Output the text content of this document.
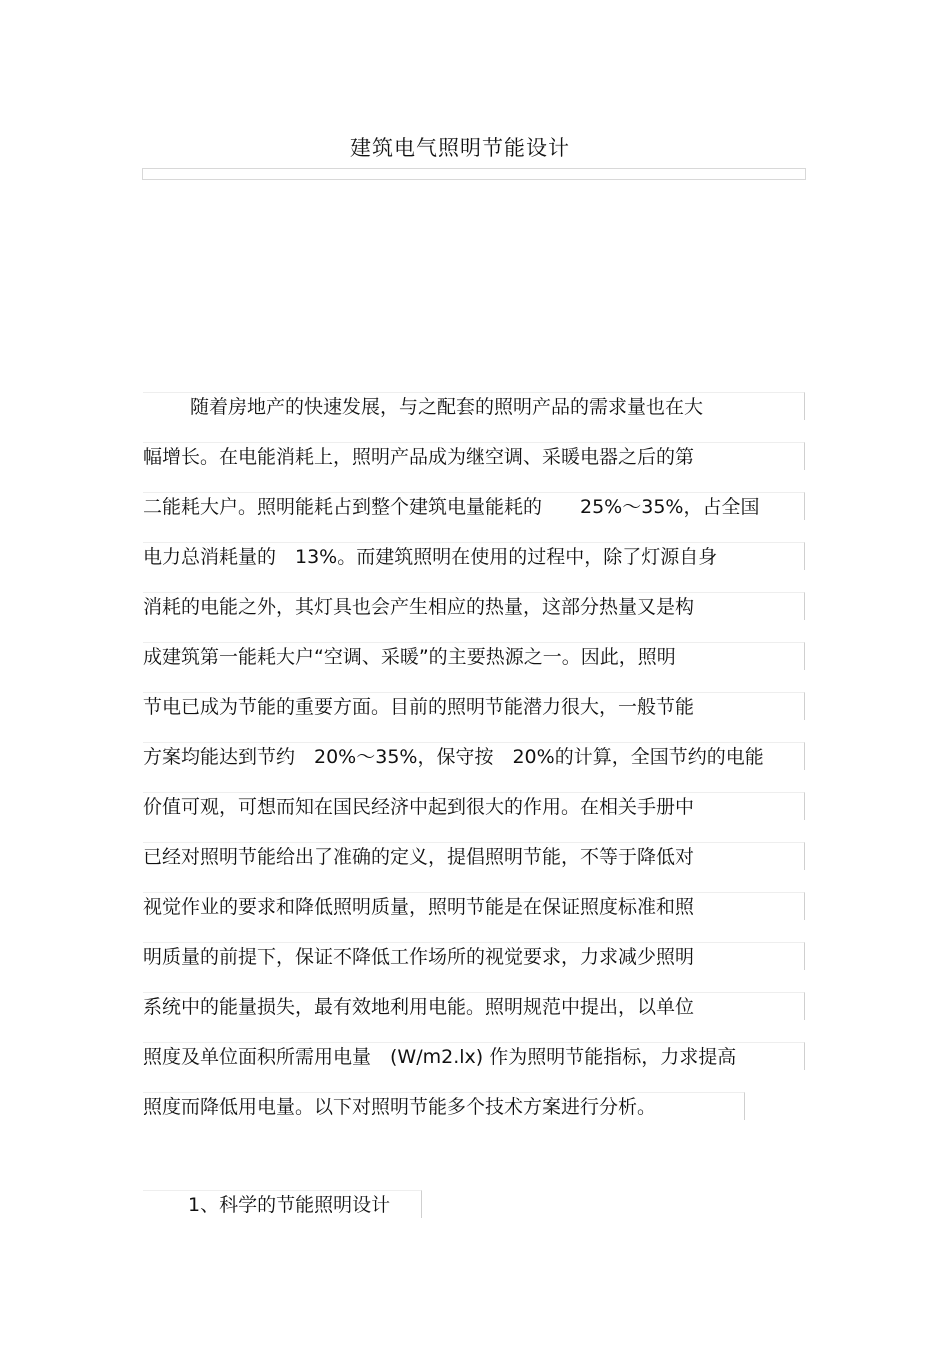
建筑电气照明节能设计
随着房地产的快速发展，与之配套的照明产品的需求量也在大
幅增长。在电能消耗上，照明产品成为继空调、采暖电器之后的第
二能耗大户。照明能耗占到整个建筑电量能耗的　　25%～35%，占全国
电力总消耗量的　13%。而建筑照明在使用的过程中，除了灯源自身
消耗的电能之外，其灯具也会产生相应的热量，这部分热量又是构
成建筑第一能耗大户“空调、采暖”的主要热源之一。因此，照明
节电已成为节能的重要方面。目前的照明节能潜力很大，一般节能
方案均能达到节约　20%～35%，保守按　20%的计算，全国节约的电能
价值可观，可想而知在国民经济中起到很大的作用。在相关手册中
已经对照明节能给出了准确的定义，提倡照明节能，不等于降低对
视觉作业的要求和降低照明质量，照明节能是在保证照度标准和照
明质量的前提下，保证不降低工作场所的视觉要求，力求减少照明
系统中的能量损失，最有效地利用电能。照明规范中提出，以单位
照度及单位面积所需用电量　(W/m2.lx) 作为照明节能指标，力求提高
照度而降低用电量。以下对照明节能多个技术方案进行分析。
1、科学的节能照明设计
